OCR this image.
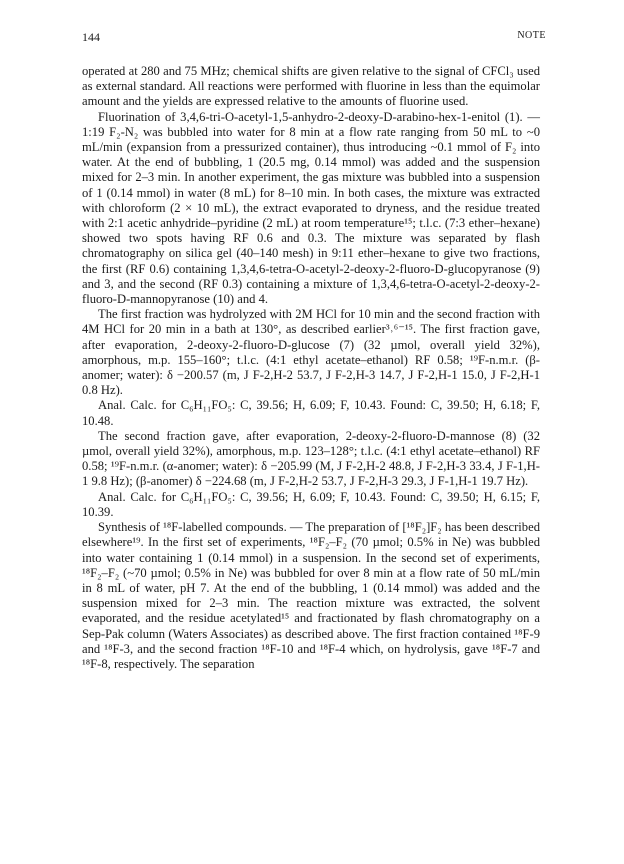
144	NOTE

operated at 280 and 75 MHz; chemical shifts are given relative to the signal of CFCl₃ used as external standard. All reactions were performed with fluorine in less than the equimolar amount and the yields are expressed relative to the amounts of fluorine used.

Fluorination of 3,4,6-tri-O-acetyl-1,5-anhydro-2-deoxy-D-arabino-hex-1-enitol (1). — 1:19 F₂-N₂ was bubbled into water for 8 min at a flow rate ranging from 50 mL to ~0 mL/min (expansion from a pressurized container), thus introducing ~0.1 mmol of F₂ into water. At the end of bubbling, 1 (20.5 mg, 0.14 mmol) was added and the suspension mixed for 2–3 min. In another experiment, the gas mixture was bubbled into a suspension of 1 (0.14 mmol) in water (8 mL) for 8–10 min. In both cases, the mixture was extracted with chloroform (2 × 10 mL), the extract evaporated to dryness, and the residue treated with 2:1 acetic anhydride–pyridine (2 mL) at room temperature¹⁵; t.l.c. (7:3 ether–hexane) showed two spots having RF 0.6 and 0.3. The mixture was separated by flash chromatography on silica gel (40–140 mesh) in 9:11 ether–hexane to give two fractions, the first (RF 0.6) containing 1,3,4,6-tetra-O-acetyl-2-deoxy-2-fluoro-D-glucopyranose (9) and 3, and the second (RF 0.3) containing a mixture of 1,3,4,6-tetra-O-acetyl-2-deoxy-2-fluoro-D-mannopyranose (10) and 4.

The first fraction was hydrolyzed with 2M HCl for 10 min and the second fraction with 4M HCl for 20 min in a bath at 130°, as described earlier³˒⁶⁻¹⁵. The first fraction gave, after evaporation, 2-deoxy-2-fluoro-D-glucose (7) (32 µmol, overall yield 32%), amorphous, m.p. 155–160°; t.l.c. (4:1 ethyl acetate–ethanol) RF 0.58; ¹⁹F-n.m.r. (β-anomer; water): δ −200.57 (m, J F-2,H-2 53.7, J F-2,H-3 14.7, J F-2,H-1 15.0, J F-2,H-1 0.8 Hz).

Anal. Calc. for C₆H₁₁FO₅: C, 39.56; H, 6.09; F, 10.43. Found: C, 39.50; H, 6.18; F, 10.48.

The second fraction gave, after evaporation, 2-deoxy-2-fluoro-D-mannose (8) (32 µmol, overall yield 32%), amorphous, m.p. 123–128°; t.l.c. (4:1 ethyl acetate–ethanol) RF 0.58; ¹⁹F-n.m.r. (α-anomer; water): δ −205.99 (M, J F-2,H-2 48.8, J F-2,H-3 33.4, J F-1,H-1 9.8 Hz); (β-anomer) δ −224.68 (m, J F-2,H-2 53.7, J F-2,H-3 29.3, J F-1,H-1 19.7 Hz).

Anal. Calc. for C₆H₁₁FO₅: C, 39.56; H, 6.09; F, 10.43. Found: C, 39.50; H, 6.15; F, 10.39.

Synthesis of ¹⁸F-labelled compounds. — The preparation of [¹⁸F₂]F₂ has been described elsewhere¹⁹. In the first set of experiments, ¹⁸F₂–F₂ (70 µmol; 0.5% in Ne) was bubbled into water containing 1 (0.14 mmol) in a suspension. In the second set of experiments, ¹⁸F₂–F₂ (~70 µmol; 0.5% in Ne) was bubbled for over 8 min at a flow rate of 50 mL/min in 8 mL of water, pH 7. At the end of the bubbling, 1 (0.14 mmol) was added and the suspension mixed for 2–3 min. The reaction mixture was extracted, the solvent evaporated, and the residue acetylated¹⁵ and fractionated by flash chromatography on a Sep-Pak column (Waters Associates) as described above. The first fraction contained ¹⁸F-9 and ¹⁸F-3, and the second fraction ¹⁸F-10 and ¹⁸F-4 which, on hydrolysis, gave ¹⁸F-7 and ¹⁸F-8, respectively. The separation
